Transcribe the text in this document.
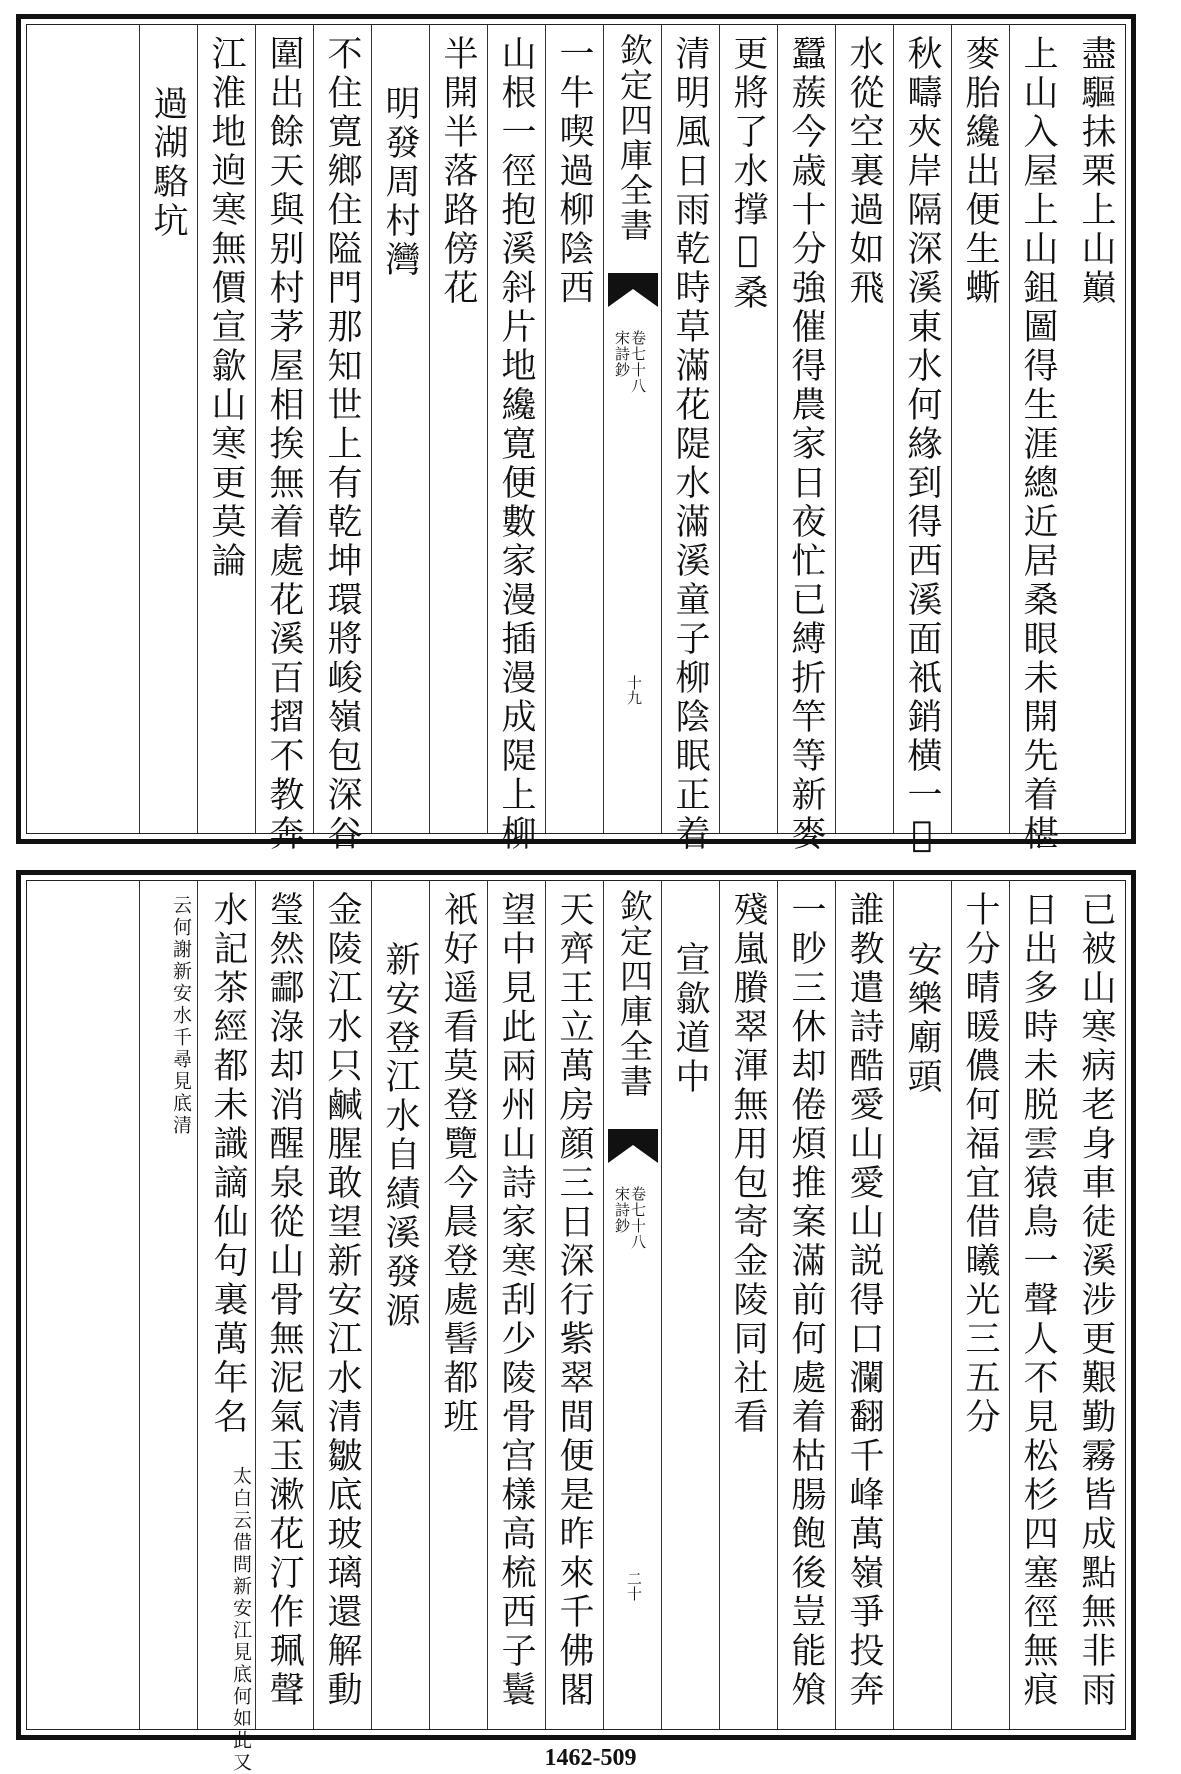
盡驅抺栗上山巔
上山入屋上山鉏圖得生涯總近居桑眼未開先着椹
麥胎纔出便生蟖
秋疇夾岸隔深溪東水何緣到得西溪面衹銷横一𥪡
水從空裏過如飛
蠶蔟今歳十分強催得農家日夜忙已縛折竿等新麥
更將了水撑𣲖桑
清明風日雨乾時草滿花隄水滿溪童子柳陰眠正着
欽定四庫全書
宋詩鈔
卷七十八
十九
一牛喫過柳陰西
山根一徑抱溪斜片地纔寛便數家漫插漫成隄上柳
半開半落路傍花
明發周村灣
不住寛鄉住隘門那知世上有乾坤環將峻嶺包深谷
圍出餘天與别村茅屋相挨無着處花溪百摺不教奔
江淮地逈寒無價宣歙山寒更莫論
過湖駱坑
已被山寒病老身車徒溪涉更艱勤霧皆成點無非雨
日出多時未脱雲猿鳥一聲人不見松杉四塞徑無痕
十分晴暖儂何福宜借曦光三五分
安樂廟頭
誰教遣詩酷愛山愛山説得口瀾翻千峰萬嶺爭投奔
一眇三休却倦煩推案滿前何處着枯腸飽後豈能飧
殘嵐賸翠渾無用包寄金陵同社看
宣歙道中
欽定四庫全書
宋詩鈔
卷七十八
二十
天齊王立萬房顔三日深行紫翠間便是昨來千佛閣
望中見此兩州山詩家寒刮少陵骨宫樣高梳西子鬟
衹好遥看莫登覽今晨登處髻都班
新安登江水自績溪發源
金陵江水只鹹腥敢望新安江水清皺底玻璃還解動
瑩然酃淥却消醒泉從山骨無泥氣玉漱花汀作珮聲
水記茶經都未識謫仙句裏萬年名
太白云借問新安江見底何如此又
云何謝新安水千尋見底清
1462-509
